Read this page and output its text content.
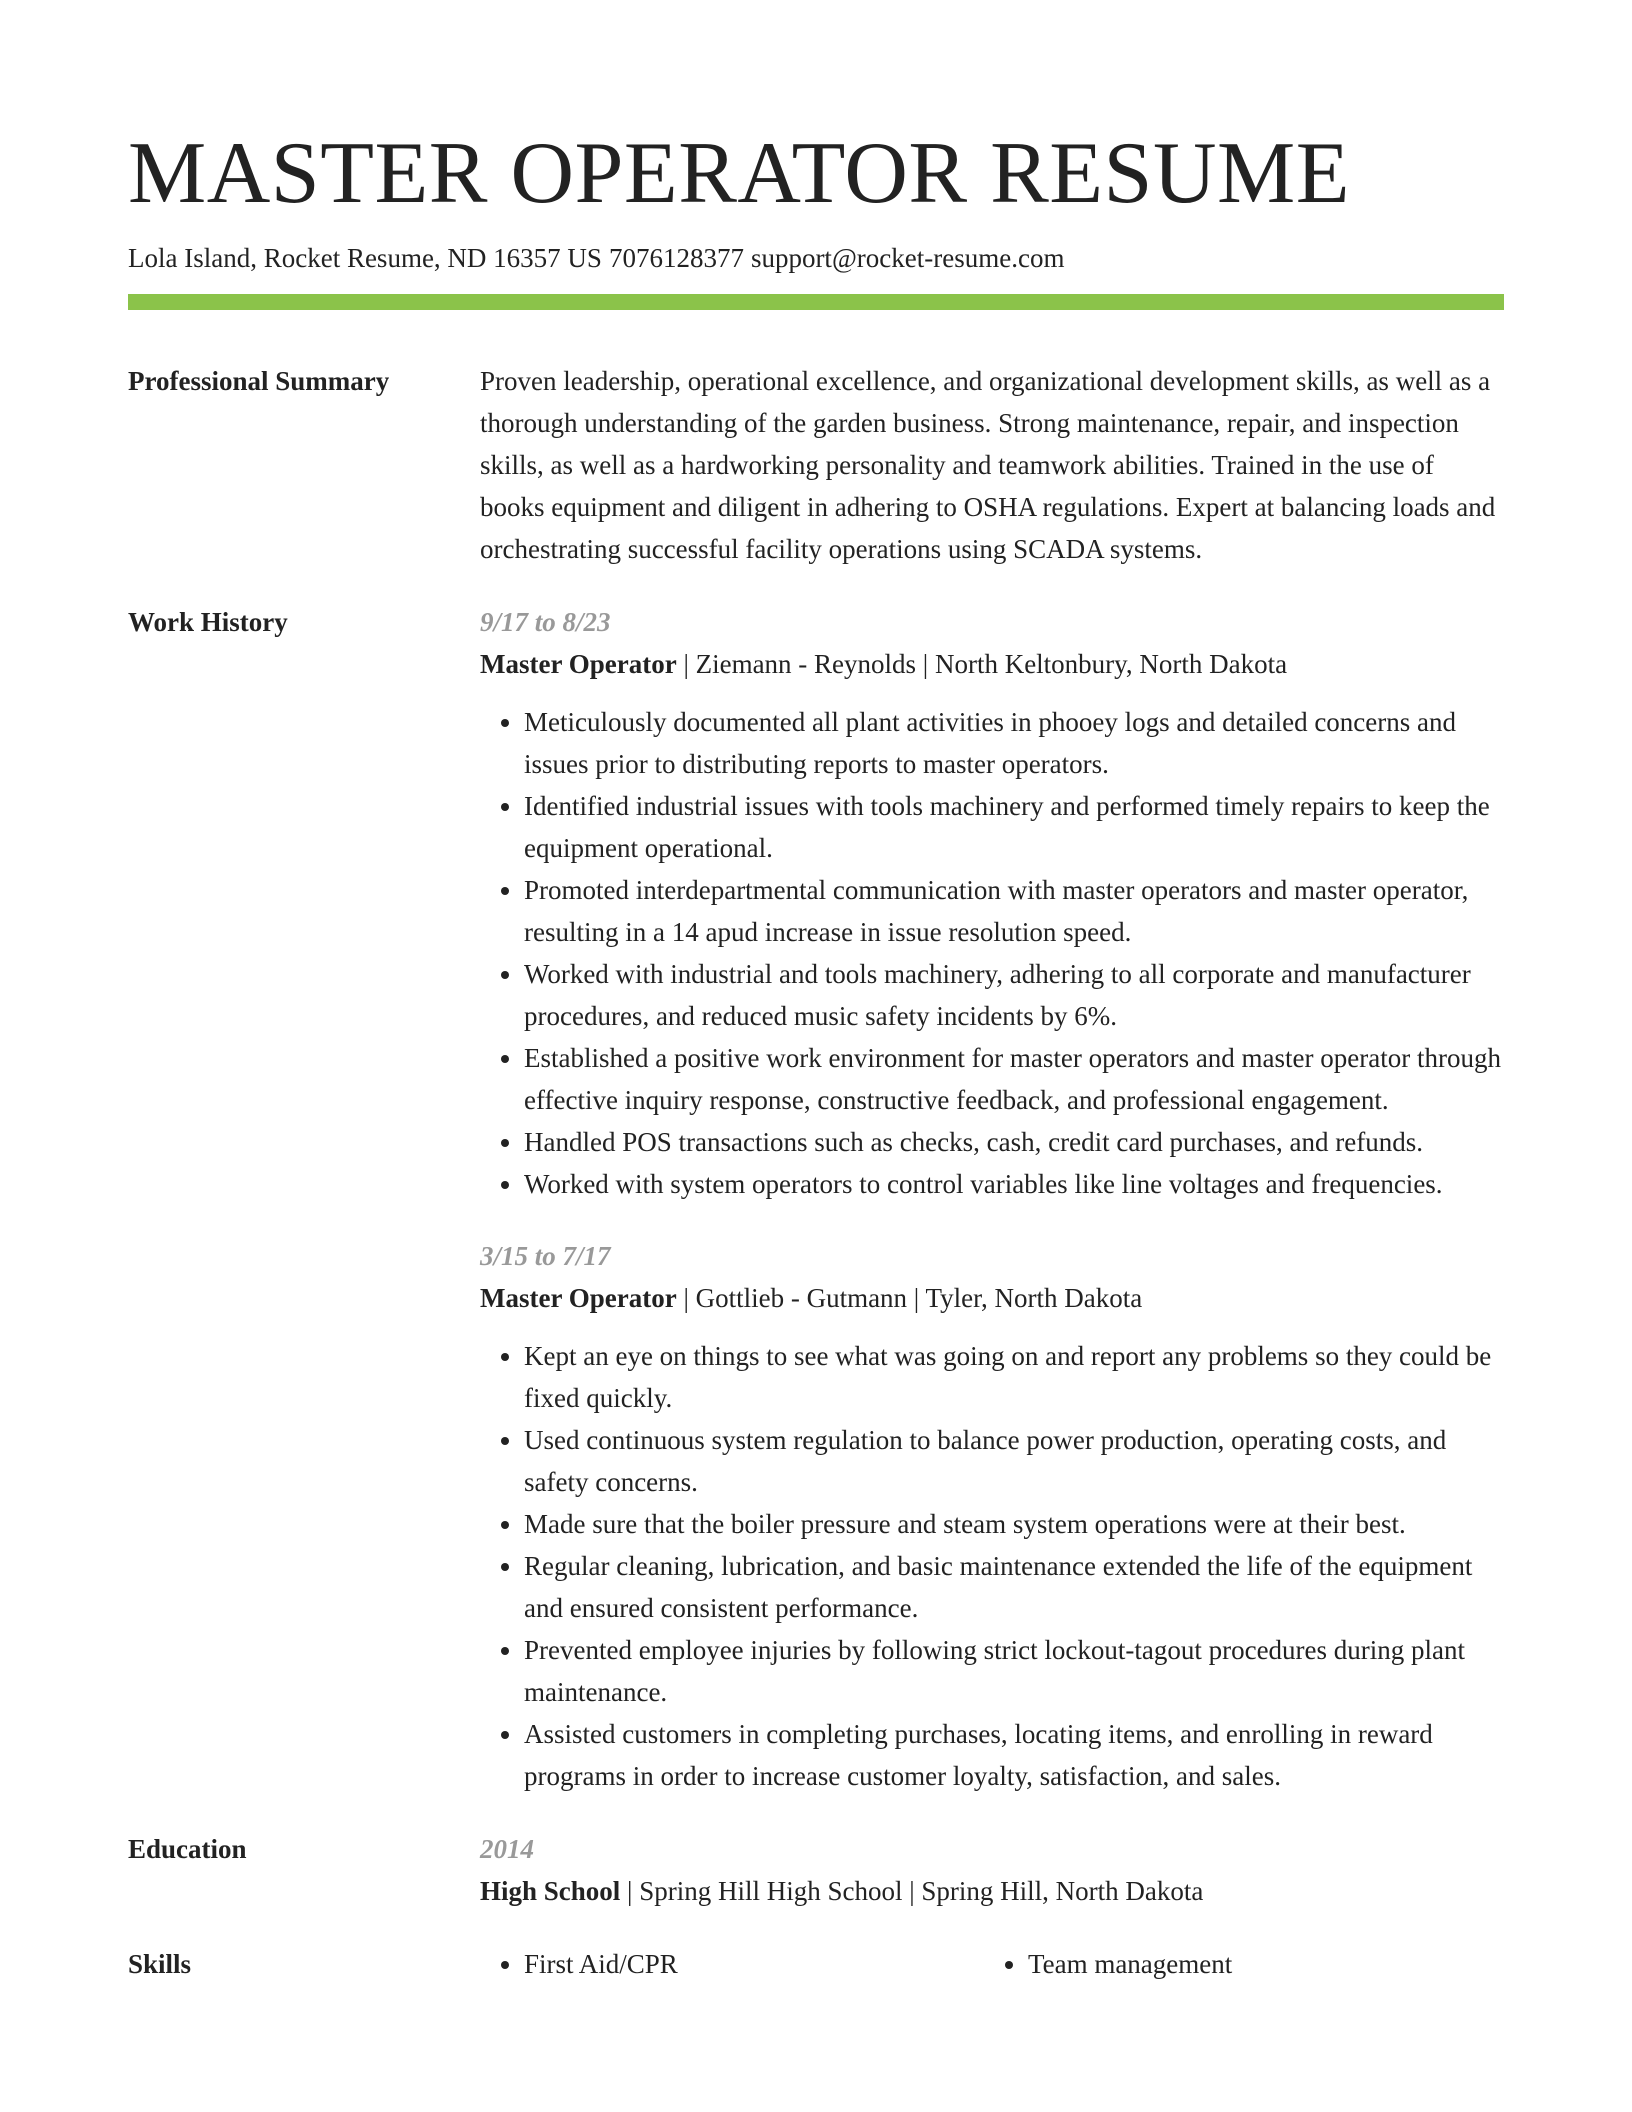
MASTER OPERATOR RESUME
Lola Island, Rocket Resume, ND 16357 US 7076128377 support@rocket-resume.com
Professional Summary	Proven leadership, operational excellence, and organizational development skills, as well as a thorough understanding of the garden business. Strong maintenance, repair, and inspection skills, as well as a hardworking personality and teamwork abilities. Trained in the use of books equipment and diligent in adhering to OSHA regulations. Expert at balancing loads and orchestrating successful facility operations using SCADA systems.
Work History	9/17 to 8/23
Master Operator | Ziemann - Reynolds | North Keltonbury, North Dakota
• Meticulously documented all plant activities in phooey logs and detailed concerns and issues prior to distributing reports to master operators.
• Identified industrial issues with tools machinery and performed timely repairs to keep the equipment operational.
• Promoted interdepartmental communication with master operators and master operator, resulting in a 14 apud increase in issue resolution speed.
• Worked with industrial and tools machinery, adhering to all corporate and manufacturer procedures, and reduced music safety incidents by 6%.
• Established a positive work environment for master operators and master operator through effective inquiry response, constructive feedback, and professional engagement.
• Handled POS transactions such as checks, cash, credit card purchases, and refunds.
• Worked with system operators to control variables like line voltages and frequencies.
3/15 to 7/17
Master Operator | Gottlieb - Gutmann | Tyler, North Dakota
• Kept an eye on things to see what was going on and report any problems so they could be fixed quickly.
• Used continuous system regulation to balance power production, operating costs, and safety concerns.
• Made sure that the boiler pressure and steam system operations were at their best.
• Regular cleaning, lubrication, and basic maintenance extended the life of the equipment and ensured consistent performance.
• Prevented employee injuries by following strict lockout-tagout procedures during plant maintenance.
• Assisted customers in completing purchases, locating items, and enrolling in reward programs in order to increase customer loyalty, satisfaction, and sales.
Education	2014
High School | Spring Hill High School | Spring Hill, North Dakota
Skills	• First Aid/CPR	• Team management
